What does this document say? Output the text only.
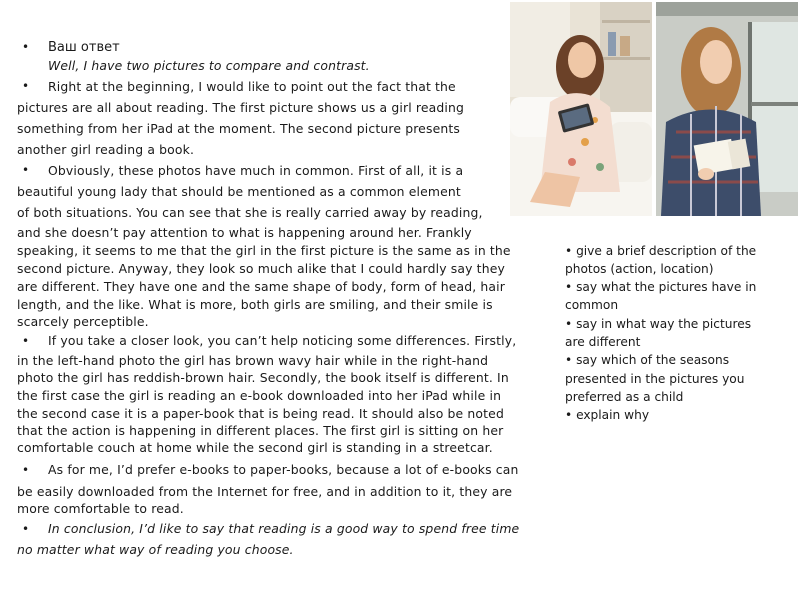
• Ваш ответ
Well, I have two pictures to compare and contrast.
• Right at the beginning, I would like to point out the fact that the
pictures are all about reading. The first picture shows us a girl reading
something from her iPad at the moment. The second picture presents
another girl reading a book.
• Obviously, these photos have much in common. First of all, it is a
beautiful young lady that should be mentioned as a common element
of both situations. You can see that she is really carried away by reading,
and she doesn’t pay attention to what is happening around her. Frankly
speaking, it seems to me that the girl in the first picture is the same as in the
second picture. Anyway, they look so much alike that I could hardly say they
are different. They have one and the same shape of body, form of head, hair
length, and the like. What is more, both girls are smiling, and their smile is
scarcely perceptible.
• If you take a closer look, you can’t help noticing some differences. Firstly,
in the left-hand photo the girl has brown wavy hair while in the right-hand
photo the girl has reddish-brown hair. Secondly, the book itself is different. In
the first case the girl is reading an e-book downloaded into her iPad while in
the second case it is a paper-book that is being read. It should also be noted
that the action is happening in different places. The first girl is sitting on her
comfortable couch at home while the second girl is standing in a streetcar.
• As for me, I’d prefer e-books to paper-books, because a lot of e-books can
be easily downloaded from the Internet for free, and in addition to it, they are
more comfortable to read.
• In conclusion, I’d like to say that reading is a good way to spend free time
no matter what way of reading you choose.
• give a brief description of the
photos (action, location)
• say what the pictures have in
common
• say in what way the pictures
are different
• say which of the seasons
presented in the pictures you
preferred as a child
• explain why
